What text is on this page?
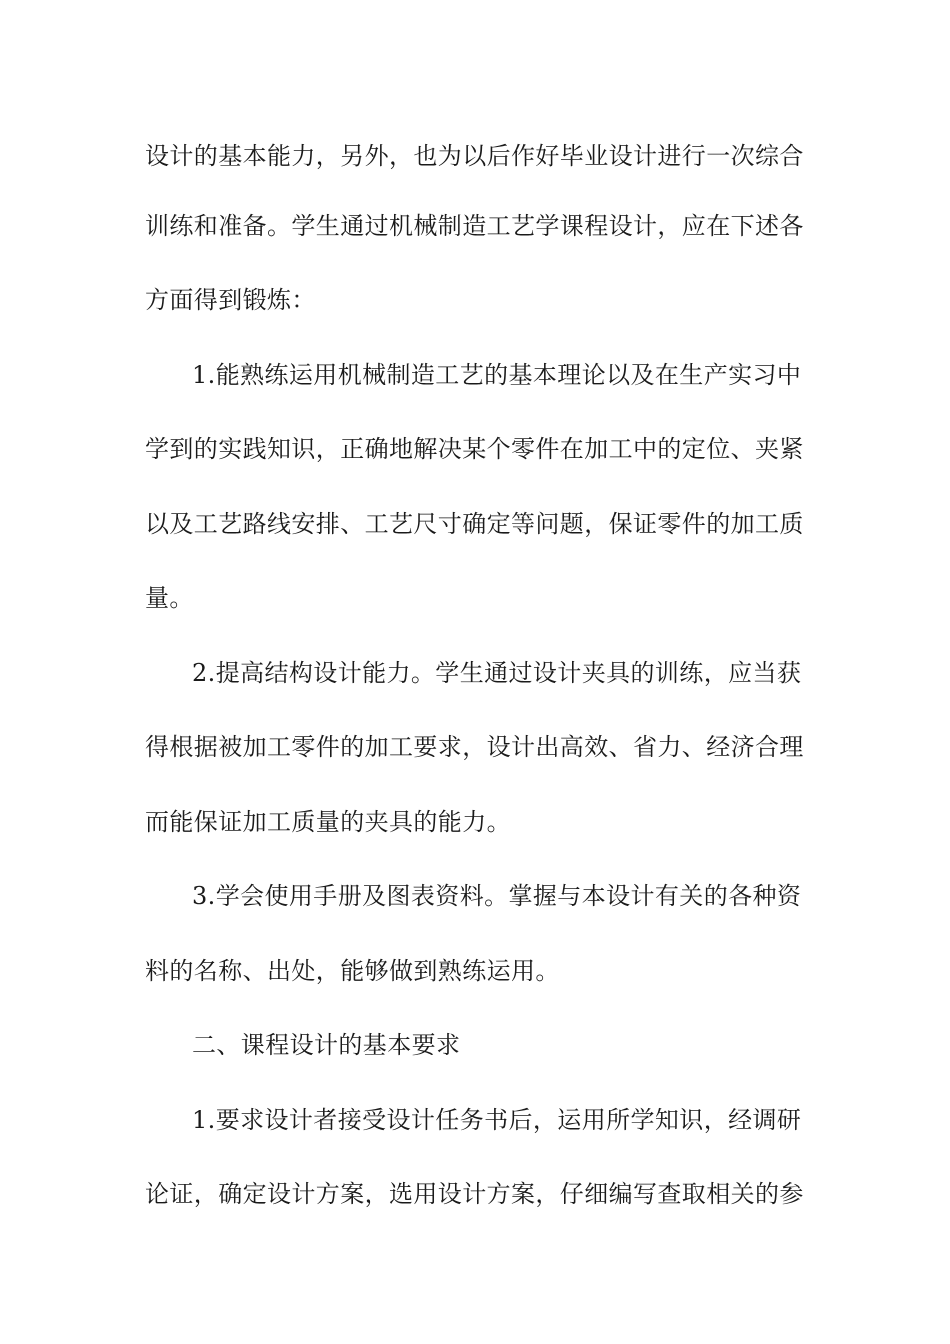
设计的基本能力，另外，也为以后作好毕业设计进行一次综合
训练和准备。学生通过机械制造工艺学课程设计，应在下述各
方面得到锻炼：
1.能熟练运用机械制造工艺的基本理论以及在生产实习中
学到的实践知识，正确地解决某个零件在加工中的定位、夹紧
以及工艺路线安排、工艺尺寸确定等问题，保证零件的加工质
量。
2.提高结构设计能力。学生通过设计夹具的训练，应当获
得根据被加工零件的加工要求，设计出高效、省力、经济合理
而能保证加工质量的夹具的能力。
3.学会使用手册及图表资料。掌握与本设计有关的各种资
料的名称、出处，能够做到熟练运用。
二、课程设计的基本要求
1.要求设计者接受设计任务书后，运用所学知识，经调研
论证，确定设计方案，选用设计方案，仔细编写查取相关的参
